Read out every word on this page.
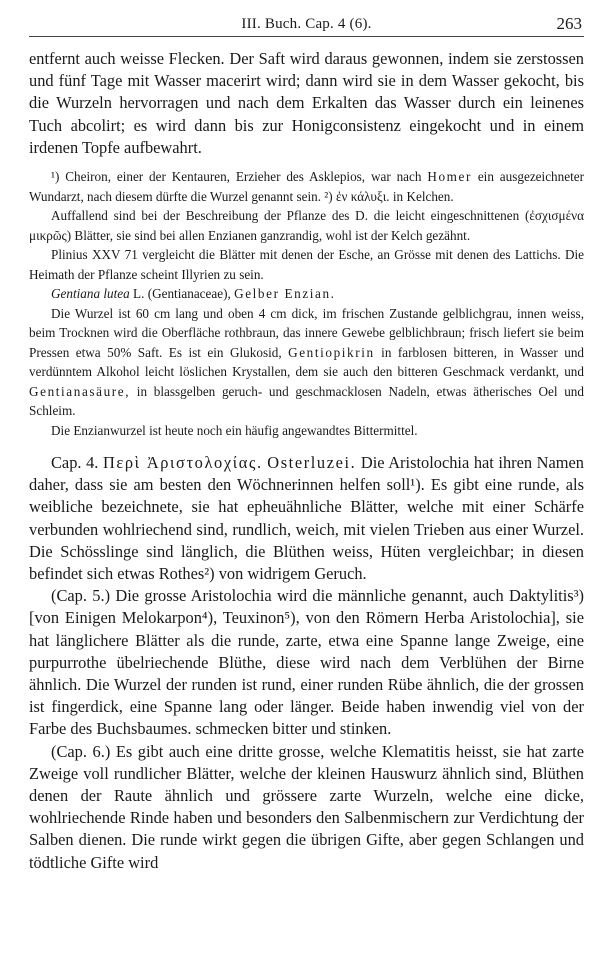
III. Buch. Cap. 4 (6).	263

entfernt auch weisse Flecken. Der Saft wird daraus gewonnen, indem sie zerstossen und fünf Tage mit Wasser macerirt wird; dann wird sie in dem Wasser gekocht, bis die Wurzeln hervorragen und nach dem Erkalten das Wasser durch ein leinenes Tuch abcolirt; es wird dann bis zur Honigconsistenz eingekocht und in einem irdenen Topfe aufbewahrt.

¹) Cheiron, einer der Kentauren, Erzieher des Asklepios, war nach Homer ein ausgezeichneter Wundarzt, nach diesem dürfte die Wurzel genannt sein. ²) ἐν κάλυξι. in Kelchen.

Auffallend sind bei der Beschreibung der Pflanze des D. die leicht eingeschnittenen (ἐσχισμένα μικρῶς) Blätter, sie sind bei allen Enzianen ganzrandig, wohl ist der Kelch gezähnt.

Plinius XXV 71 vergleicht die Blätter mit denen der Esche, an Grösse mit denen des Lattichs. Die Heimath der Pflanze scheint Illyrien zu sein.

Gentiana lutea L. (Gentianaceae), Gelber Enzian.

Die Wurzel ist 60 cm lang und oben 4 cm dick, im frischen Zustande gelblichgrau, innen weiss, beim Trocknen wird die Oberfläche rothbraun, das innere Gewebe gelblichbraun; frisch liefert sie beim Pressen etwa 50% Saft. Es ist ein Glukosid, Gentiopikrin in farblosen bitteren, in Wasser und verdünntem Alkohol leicht löslichen Krystallen, dem sie auch den bitteren Geschmack verdankt, und Gentianasäure, in blassgelben geruch- und geschmacklosen Nadeln, etwas ätherisches Oel und Schleim.

Die Enzianwurzel ist heute noch ein häufig angewandtes Bittermittel.

Cap. 4. Περὶ Ἀριστολοχίας. Osterluzei. Die Aristolochia hat ihren Namen daher, dass sie am besten den Wöchnerinnen helfen soll¹). Es gibt eine runde, als weibliche bezeichnete, sie hat epheuähnliche Blätter, welche mit einer Schärfe verbunden wohlriechend sind, rundlich, weich, mit vielen Trieben aus einer Wurzel. Die Schösslinge sind länglich, die Blüthen weiss, Hüten vergleichbar; in diesen befindet sich etwas Rothes²) von widrigem Geruch.

(Cap. 5.) Die grosse Aristolochia wird die männliche genannt, auch Daktylitis³) [von Einigen Melokarpon⁴), Teuxinon⁵), von den Römern Herba Aristolochia], sie hat länglichere Blätter als die runde, zarte, etwa eine Spanne lange Zweige, eine purpurrothe übelriechende Blüthe, diese wird nach dem Verblühen der Birne ähnlich. Die Wurzel der runden ist rund, einer runden Rübe ähnlich, die der grossen ist fingerdick, eine Spanne lang oder länger. Beide haben inwendig viel von der Farbe des Buchsbaumes. schmecken bitter und stinken.

(Cap. 6.) Es gibt auch eine dritte grosse, welche Klematitis heisst, sie hat zarte Zweige voll rundlicher Blätter, welche der kleinen Hauswurz ähnlich sind, Blüthen denen der Raute ähnlich und grössere zarte Wurzeln, welche eine dicke, wohlriechende Rinde haben und besonders den Salbenmischern zur Verdichtung der Salben dienen. Die runde wirkt gegen die übrigen Gifte, aber gegen Schlangen und tödtliche Gifte wird
